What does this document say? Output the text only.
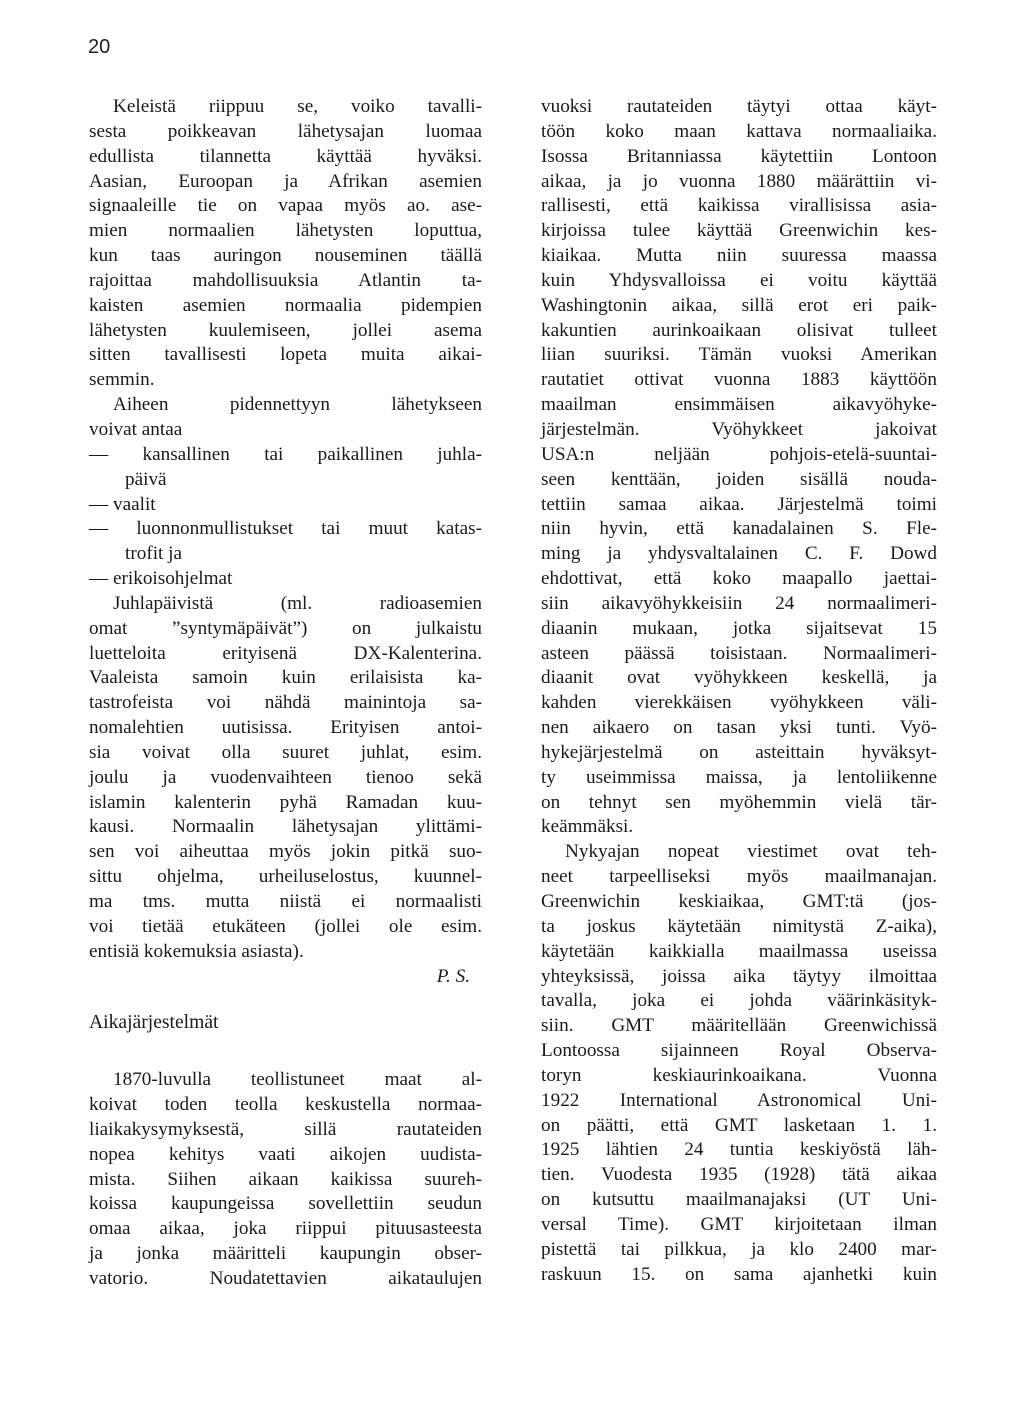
20
Keleistä riippuu se, voiko tavalli-
sesta poikkeavan lähetysajan luomaa
edullista tilannetta käyttää hyväksi.
Aasian, Euroopan ja Afrikan asemien
signaaleille tie on vapaa myös ao. ase-
mien normaalien lähetysten loputtua,
kun taas auringon nouseminen täällä
rajoittaa mahdollisuuksia Atlantin ta-
kaisten asemien normaalia pidempien
lähetysten kuulemiseen, jollei asema
sitten tavallisesti lopeta muita aikai-
semmin.
Aiheen pidennettyyn lähetykseen
voivat antaa
— kansallinen tai paikallinen juhla-
päivä
— vaalit
— luonnonmullistukset tai muut katas-
trofit ja
— erikoisohjelmat
Juhlapäivistä (ml. radioasemien
omat ”syntymäpäivät”) on julkaistu
luetteloita erityisenä DX-Kalenterina.
Vaaleista samoin kuin erilaisista ka-
tastrofeista voi nähdä mainintoja sa-
nomalehtien uutisissa. Erityisen antoi-
sia voivat olla suuret juhlat, esim.
joulu ja vuodenvaihteen tienoo sekä
islamin kalenterin pyhä Ramadan kuu-
kausi. Normaalin lähetysajan ylittämi-
sen voi aiheuttaa myös jokin pitkä suo-
sittu ohjelma, urheiluselostus, kuunnel-
ma tms. mutta niistä ei normaalisti
voi tietää etukäteen (jollei ole esim.
entisiä kokemuksia asiasta).
P. S.
Aikajärjestelmät
1870-luvulla teollistuneet maat al-
koivat toden teolla keskustella normaa-
liaikakysymyksestä, sillä rautateiden
nopea kehitys vaati aikojen uudista-
mista. Siihen aikaan kaikissa suureh-
koissa kaupungeissa sovellettiin seudun
omaa aikaa, joka riippui pituusasteesta
ja jonka määritteli kaupungin obser-
vatorio. Noudatettavien aikataulujen
vuoksi rautateiden täytyi ottaa käyt-
töön koko maan kattava normaaliaika.
Isossa Britanniassa käytettiin Lontoon
aikaa, ja jo vuonna 1880 määrättiin vi-
rallisesti, että kaikissa virallisissa asia-
kirjoissa tulee käyttää Greenwichin kes-
kiaikaa. Mutta niin suuressa maassa
kuin Yhdysvalloissa ei voitu käyttää
Washingtonin aikaa, sillä erot eri paik-
kakuntien aurinkoaikaan olisivat tulleet
liian suuriksi. Tämän vuoksi Amerikan
rautatiet ottivat vuonna 1883 käyttöön
maailman ensimmäisen aikavyöhyke-
järjestelmän. Vyöhykkeet jakoivat
USA:n neljään pohjois-etelä-suuntai-
seen kenttään, joiden sisällä nouda-
tettiin samaa aikaa. Järjestelmä toimi
niin hyvin, että kanadalainen S. Fle-
ming ja yhdysvaltalainen C. F. Dowd
ehdottivat, että koko maapallo jaettai-
siin aikavyöhykkeisiin 24 normaalimeri-
diaanin mukaan, jotka sijaitsevat 15
asteen päässä toisistaan. Normaalimeri-
diaanit ovat vyöhykkeen keskellä, ja
kahden vierekkäisen vyöhykkeen väli-
nen aikaero on tasan yksi tunti. Vyö-
hykejärjestelmä on asteittain hyväksyt-
ty useimmissa maissa, ja lentoliikenne
on tehnyt sen myöhemmin vielä tär-
keämmäksi.
Nykyajan nopeat viestimet ovat teh-
neet tarpeelliseksi myös maailmanajan.
Greenwichin keskiaikaa, GMT:tä (jos-
ta joskus käytetään nimitystä Z-aika),
käytetään kaikkialla maailmassa useissa
yhteyksissä, joissa aika täytyy ilmoittaa
tavalla, joka ei johda väärinkäsityk-
siin. GMT määritellään Greenwichissä
Lontoossa sijainneen Royal Observa-
toryn keskiaurinkoaikana. Vuonna
1922 International Astronomical Uni-
on päätti, että GMT lasketaan 1. 1.
1925 lähtien 24 tuntia keskiyöstä läh-
tien. Vuodesta 1935 (1928) tätä aikaa
on kutsuttu maailmanajaksi (UT Uni-
versal Time). GMT kirjoitetaan ilman
pistettä tai pilkkua, ja klo 2400 mar-
raskuun 15. on sama ajanhetki kuin
